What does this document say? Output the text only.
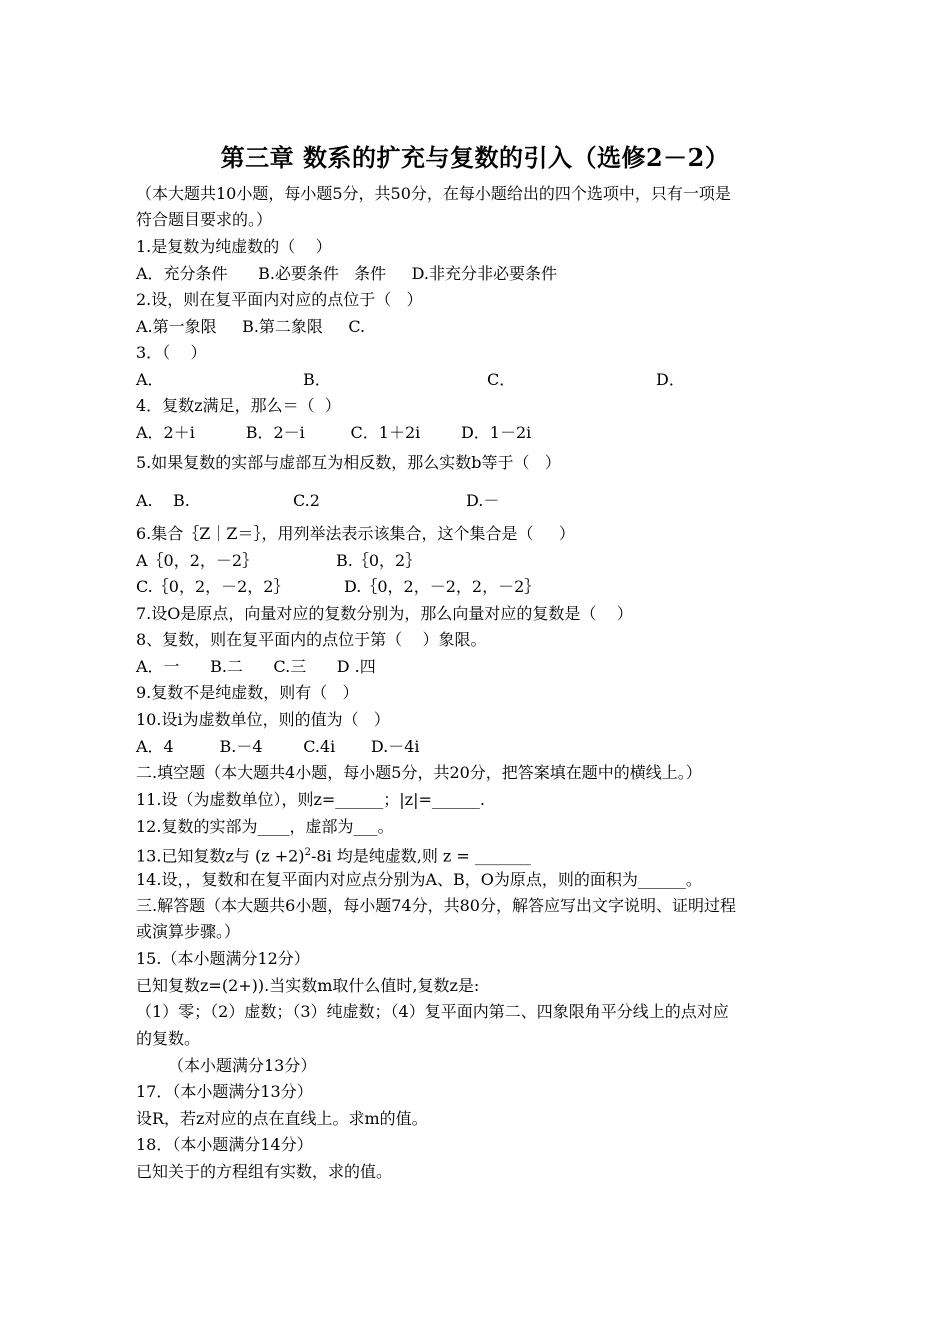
第三章 数系的扩充与复数的引入（选修2－2）
（本大题共10小题，每小题5分，共50分，在每小题给出的四个选项中，只有一项是
符合题目要求的。）
1.是复数为纯虚数的（    ）
A．充分条件      B.必要条件   条件     D.非充分非必要条件
2.设，则在复平面内对应的点位于（   ）
A.第一象限     B.第二象限     C.
3．（    ）
A．	B．	C．	D．
4．复数z满足，那么＝（  ）
A．2＋i          B．2－i         C．1＋2i        D．1－2i
5.如果复数的实部与虚部互为相反数，那么实数b等于（   ）
A.    B.	C.2	D.－
6.集合｛Z｜Z＝｝，用列举法表示该集合，这个集合是（     ）
A｛0，2，－2｝	B.｛0，2｝
C.｛0，2，－2，2｝	D.｛0，2，－2，2，－2｝
7.设O是原点，向量对应的复数分别为，那么向量对应的复数是（    ）
8、复数，则在复平面内的点位于第（    ）象限。
A．一      B.二      C.三      D .四
9.复数不是纯虚数，则有（   ）
10.设i为虚数单位，则的值为（   ）
A．4         B.－4        C.4i       D.－4i
二.填空题（本大题共4小题，每小题5分，共20分，把答案填在题中的横线上。）
11.设（为虚数单位），则z=______；|z|=______.
12.复数的实部为____，虚部为___。
13.已知复数z与 $(z +2)^2-8i$ 均是纯虚数,则 z = _______
14.设，，复数和在复平面内对应点分别为A、B，O为原点，则的面积为______。
三.解答题（本大题共6小题，每小题74分，共80分，解答应写出文字说明、证明过程
或演算步骤。）
15.（本小题满分12分）
已知复数z=(2+)).当实数m取什么值时,复数z是:
（1）零；（2）虚数；（3）纯虚数；（4）复平面内第二、四象限角平分线上的点对应
的复数。
（本小题满分13分）
17．（本小题满分13分）
设R，若z对应的点在直线上。求m的值。
18．（本小题满分14分）
已知关于的方程组有实数，求的值。
